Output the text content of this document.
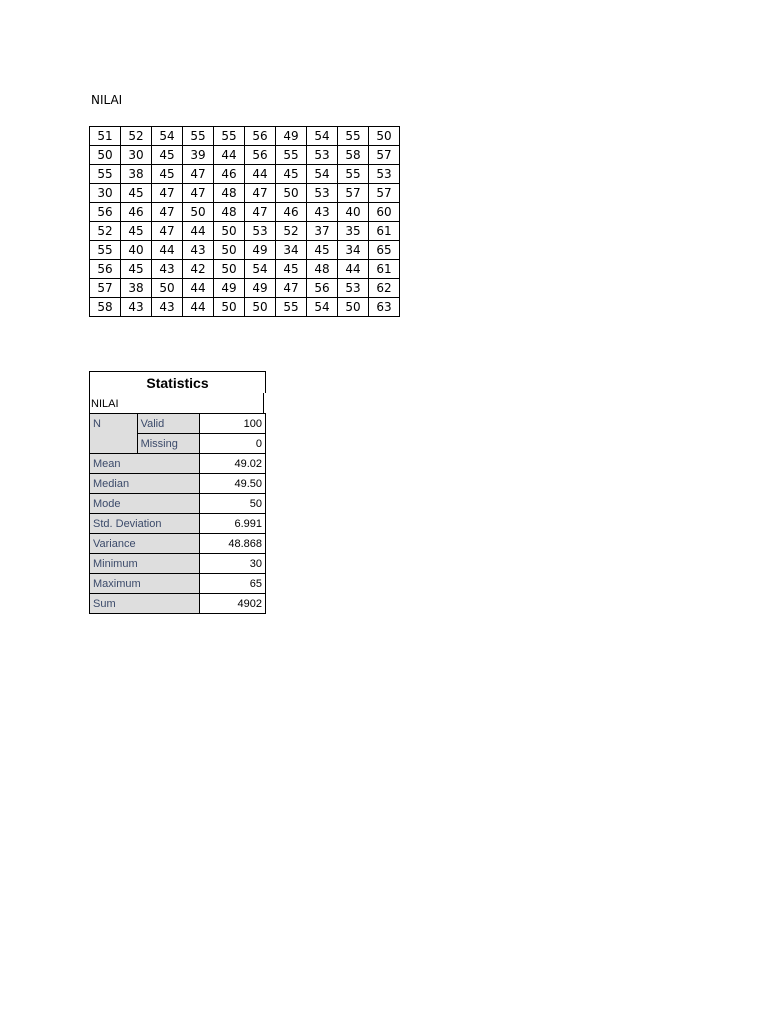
NILAI
51	52	54	55	55	56	49	54	55	50
50	30	45	39	44	56	55	53	58	57
55	38	45	47	46	44	45	54	55	53
30	45	47	47	48	47	50	53	57	57
56	46	47	50	48	47	46	43	40	60
52	45	47	44	50	53	52	37	35	61
55	40	44	43	50	49	34	45	34	65
56	45	43	42	50	54	45	48	44	61
57	38	50	44	49	49	47	56	53	62
58	43	43	44	50	50	55	54	50	63
Statistics
NILAI
N	Valid	100
	Missing	0
Mean		49.02
Median		49.50
Mode		50
Std. Deviation		6.991
Variance		48.868
Minimum		30
Maximum		65
Sum		4902
